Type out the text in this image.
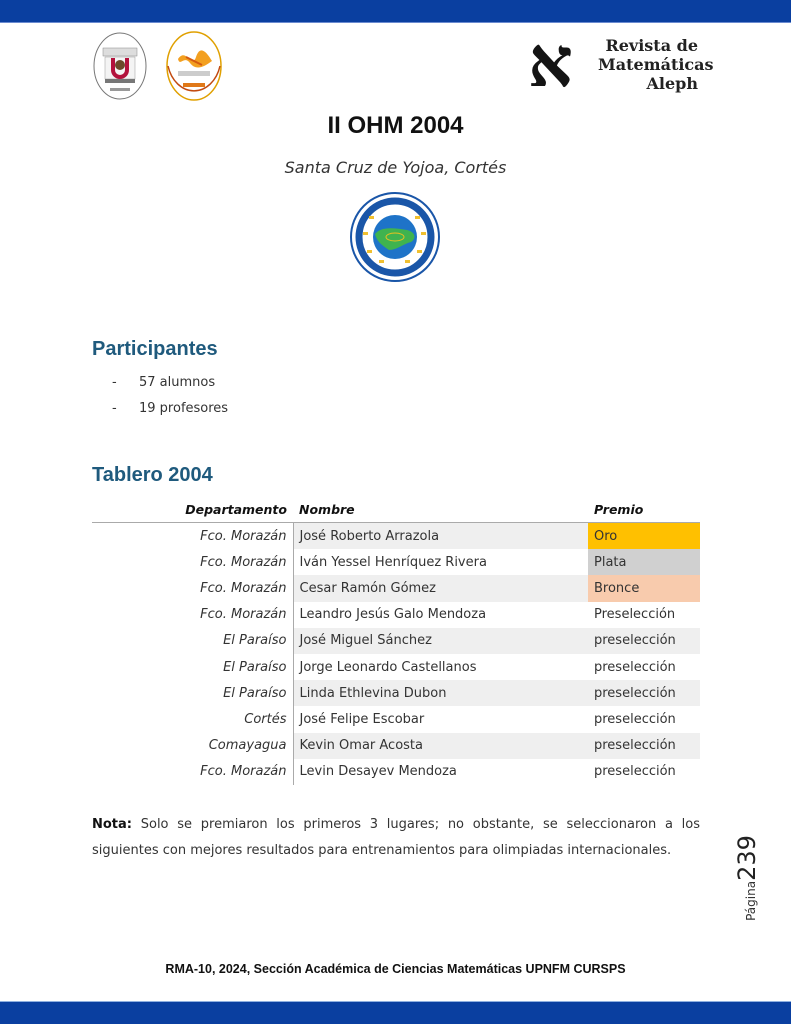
א	Revista de
Matemáticas
Aleph
II OHM 2004
Santa Cruz de Yojoa, Cortés
Participantes
-	57 alumnos
-	19 profesores
Tablero 2004
Departamento	Nombre	Premio
Fco. Morazán	José Roberto Arrazola	Oro
Fco. Morazán	Iván Yessel Henríquez Rivera	Plata
Fco. Morazán	Cesar Ramón Gómez	Bronce
Fco. Morazán	Leandro Jesús Galo Mendoza	Preselección
El Paraíso	José Miguel Sánchez	preselección
El Paraíso	Jorge Leonardo Castellanos	preselección
El Paraíso	Linda Ethlevina Dubon	preselección
Cortés	José Felipe Escobar	preselección
Comayagua	Kevin Omar Acosta	preselección
Fco. Morazán	Levin Desayev Mendoza	preselección
Nota: Solo se premiaron los primeros 3 lugares; no obstante, se seleccionaron a los siguientes con mejores resultados para entrenamientos para olimpiadas internacionales.
Página239
RMA-10, 2024, Sección Académica de Ciencias Matemáticas UPNFM CURSPS
